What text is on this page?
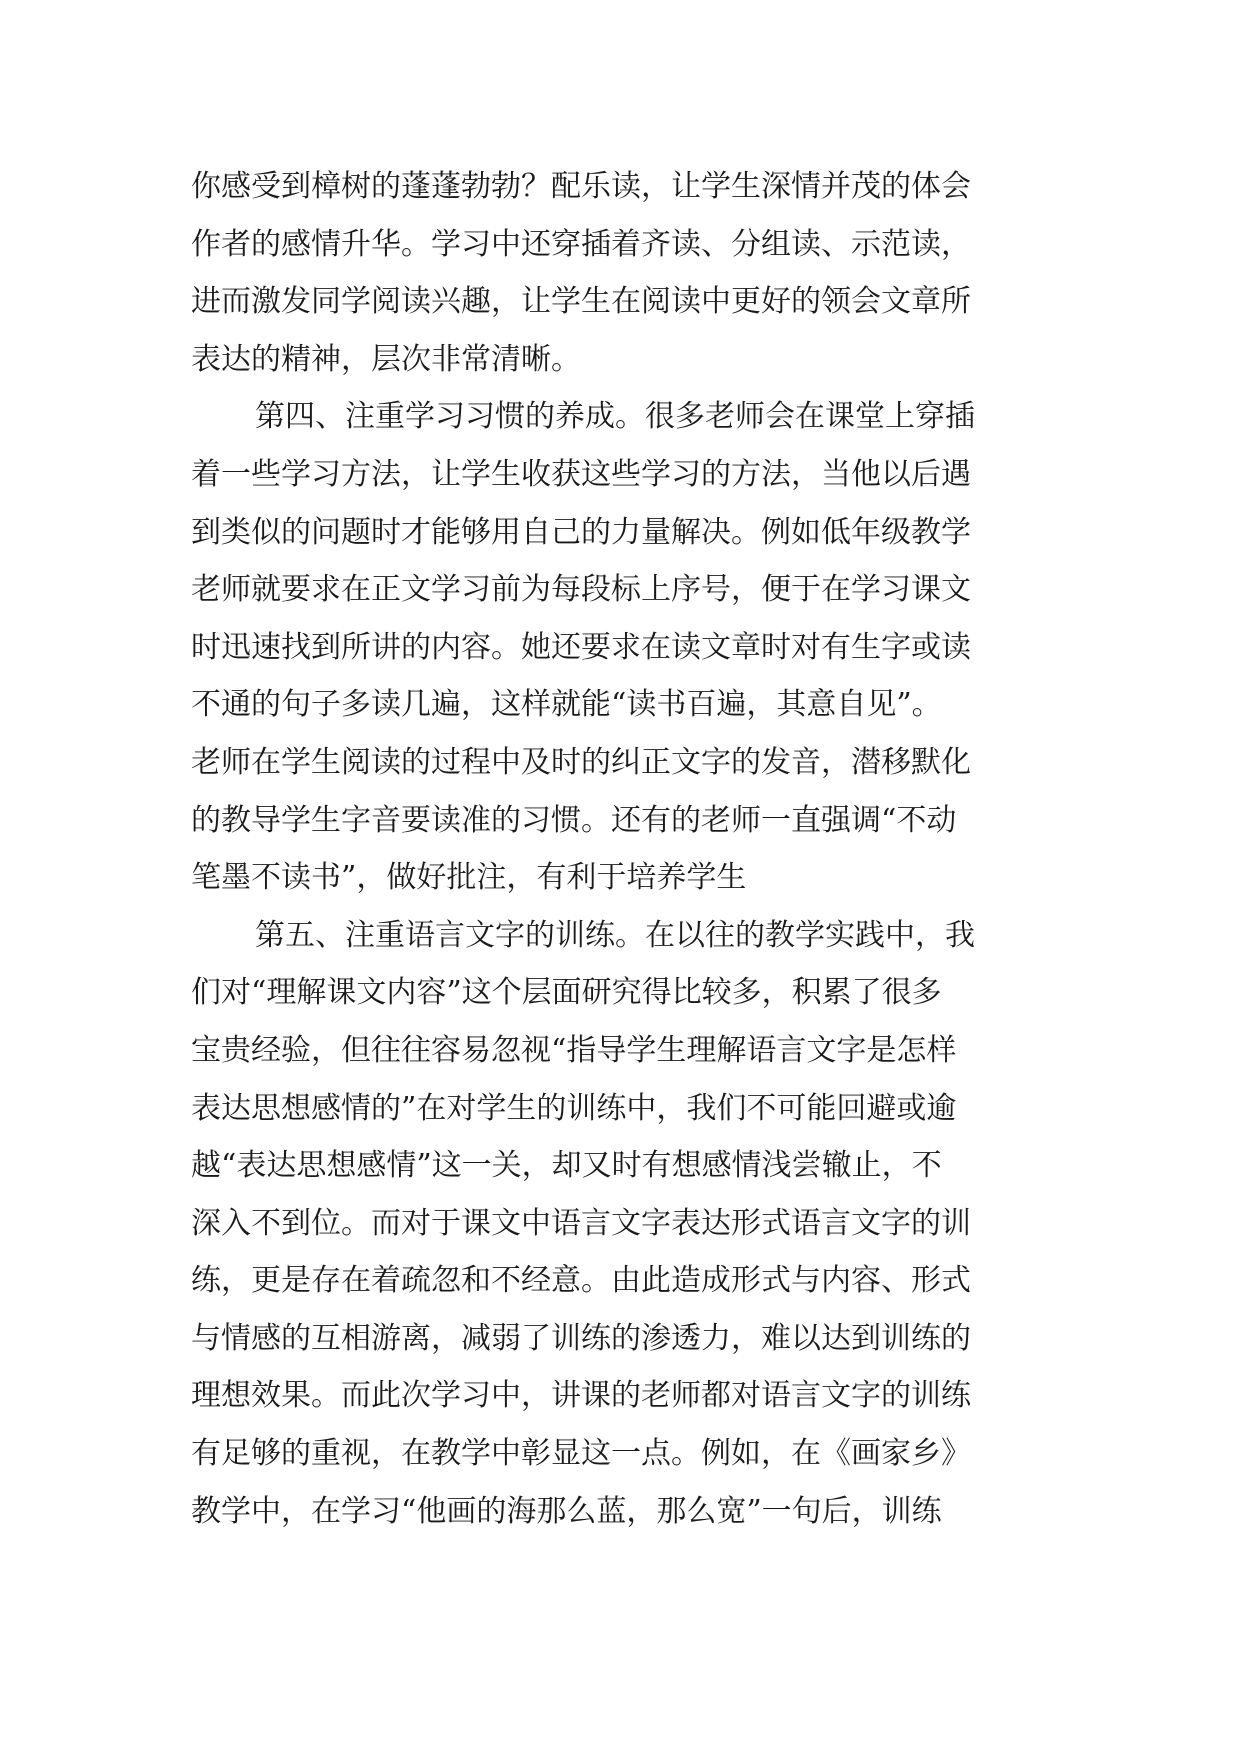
你感受到樟树的蓬蓬勃勃？配乐读，让学生深情并茂的体会
作者的感情升华。学习中还穿插着齐读、分组读、示范读，
进而激发同学阅读兴趣，让学生在阅读中更好的领会文章所
表达的精神，层次非常清晰。
第四、注重学习习惯的养成。很多老师会在课堂上穿插
着一些学习方法，让学生收获这些学习的方法，当他以后遇
到类似的问题时才能够用自己的力量解决。例如低年级教学
老师就要求在正文学习前为每段标上序号，便于在学习课文
时迅速找到所讲的内容。她还要求在读文章时对有生字或读
不通的句子多读几遍，这样就能“读书百遍，其意自见”。
老师在学生阅读的过程中及时的纠正文字的发音，潜移默化
的教导学生字音要读准的习惯。还有的老师一直强调“不动
笔墨不读书”，做好批注，有利于培养学生
第五、注重语言文字的训练。在以往的教学实践中，我
们对“理解课文内容”这个层面研究得比较多，积累了很多
宝贵经验，但往往容易忽视“指导学生理解语言文字是怎样
表达思想感情的”在对学生的训练中，我们不可能回避或逾
越“表达思想感情”这一关，却又时有想感情浅尝辙止，不
深入不到位。而对于课文中语言文字表达形式语言文字的训
练，更是存在着疏忽和不经意。由此造成形式与内容、形式
与情感的互相游离，减弱了训练的渗透力，难以达到训练的
理想效果。而此次学习中，讲课的老师都对语言文字的训练
有足够的重视，在教学中彰显这一点。例如，在《画家乡》
教学中，在学习“他画的海那么蓝，那么宽”一句后，训练
